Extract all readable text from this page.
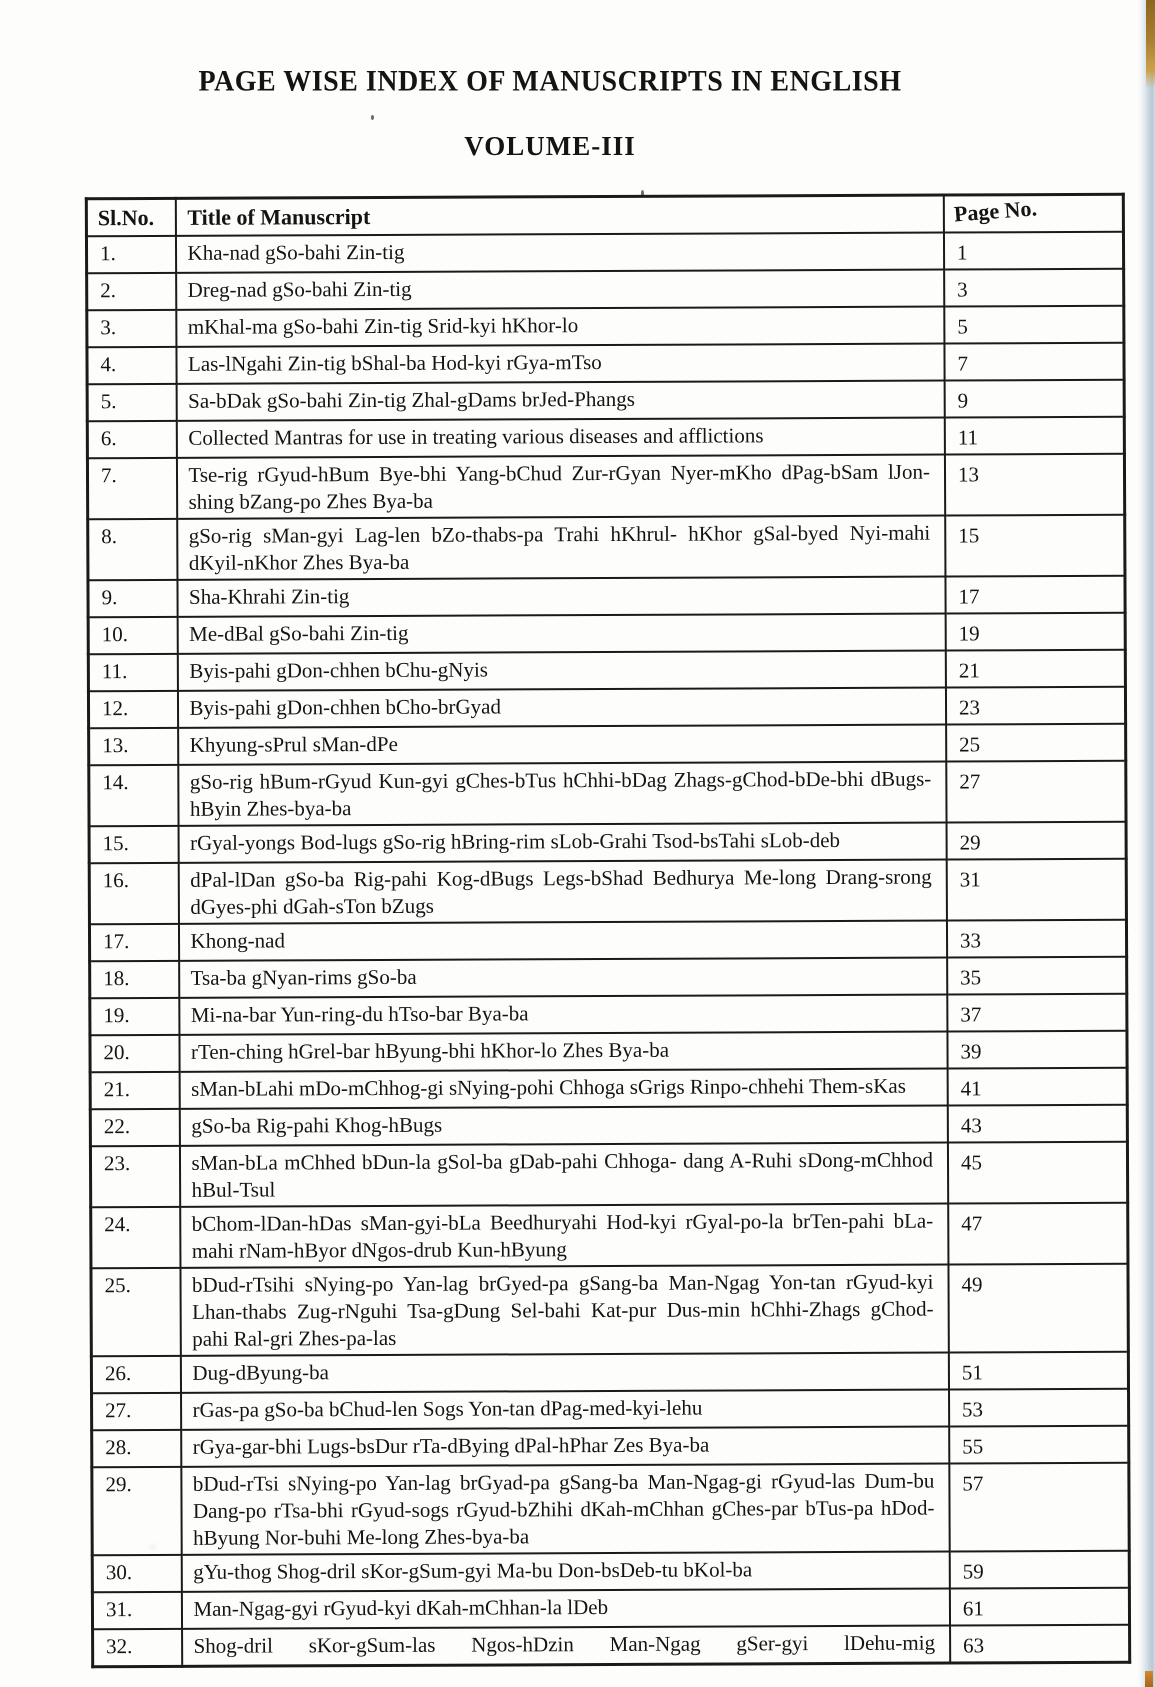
PAGE WISE INDEX OF MANUSCRIPTS IN ENGLISH
VOLUME-III
Sl.No.	Title of Manuscript	Page No.
1.	Kha-nad gSo-bahi Zin-tig	1
2.	Dreg-nad gSo-bahi Zin-tig	3
3.	mKhal-ma gSo-bahi Zin-tig Srid-kyi hKhor-lo	5
4.	Las-lNgahi Zin-tig bShal-ba Hod-kyi rGya-mTso	7
5.	Sa-bDak gSo-bahi Zin-tig Zhal-gDams brJed-Phangs	9
6.	Collected Mantras for use in treating various diseases and afflictions	11
7.	Tse-rig rGyud-hBum Bye-bhi Yang-bChud Zur-rGyan Nyer-mKho dPag-bSam lJon-shing bZang-po Zhes Bya-ba	13
8.	gSo-rig sMan-gyi Lag-len bZo-thabs-pa Trahi hKhrul- hKhor gSal-byed Nyi-mahi dKyil-nKhor Zhes Bya-ba	15
9.	Sha-Khrahi Zin-tig	17
10.	Me-dBal gSo-bahi Zin-tig	19
11.	Byis-pahi gDon-chhen bChu-gNyis	21
12.	Byis-pahi gDon-chhen bCho-brGyad	23
13.	Khyung-sPrul sMan-dPe	25
14.	gSo-rig hBum-rGyud Kun-gyi gChes-bTus hChhi-bDag Zhags-gChod-bDe-bhi dBugs-hByin Zhes-bya-ba	27
15.	rGyal-yongs Bod-lugs gSo-rig hBring-rim sLob-Grahi Tsod-bsTahi sLob-deb	29
16.	dPal-lDan gSo-ba Rig-pahi Kog-dBugs Legs-bShad Bedhurya Me-long Drang-srong dGyes-phi dGah-sTon bZugs	31
17.	Khong-nad	33
18.	Tsa-ba gNyan-rims gSo-ba	35
19.	Mi-na-bar Yun-ring-du hTso-bar Bya-ba	37
20.	rTen-ching hGrel-bar hByung-bhi hKhor-lo Zhes Bya-ba	39
21.	sMan-bLahi mDo-mChhog-gi sNying-pohi Chhoga sGrigs Rinpo-chhehi Them-sKas	41
22.	gSo-ba Rig-pahi Khog-hBugs	43
23.	sMan-bLa mChhed bDun-la gSol-ba gDab-pahi Chhoga- dang A-Ruhi sDong-mChhod hBul-Tsul	45
24.	bChom-lDan-hDas sMan-gyi-bLa Beedhuryahi Hod-kyi rGyal-po-la brTen-pahi bLa-mahi rNam-hByor dNgos-drub Kun-hByung	47
25.	bDud-rTsihi sNying-po Yan-lag brGyed-pa gSang-ba Man-Ngag Yon-tan rGyud-kyi Lhan-thabs Zug-rNguhi Tsa-gDung Sel-bahi Kat-pur Dus-min hChhi-Zhags gChod-pahi Ral-gri Zhes-pa-las	49
26.	Dug-dByung-ba	51
27.	rGas-pa gSo-ba bChud-len Sogs Yon-tan dPag-med-kyi-lehu	53
28.	rGya-gar-bhi Lugs-bsDur rTa-dBying dPal-hPhar Zes Bya-ba	55
29.	bDud-rTsi sNying-po Yan-lag brGyad-pa gSang-ba Man-Ngag-gi rGyud-las Dum-bu Dang-po rTsa-bhi rGyud-sogs rGyud-bZhihi dKah-mChhan gChes-par bTus-pa hDod-hByung Nor-buhi Me-long Zhes-bya-ba	57
30.	gYu-thog Shog-dril sKor-gSum-gyi Ma-bu Don-bsDeb-tu bKol-ba	59
31.	Man-Ngag-gyi rGyud-kyi dKah-mChhan-la lDeb	61
32.	Shog-dril sKor-gSum-las Ngos-hDzin Man-Ngag gSer-gyi lDehu-mig	63
